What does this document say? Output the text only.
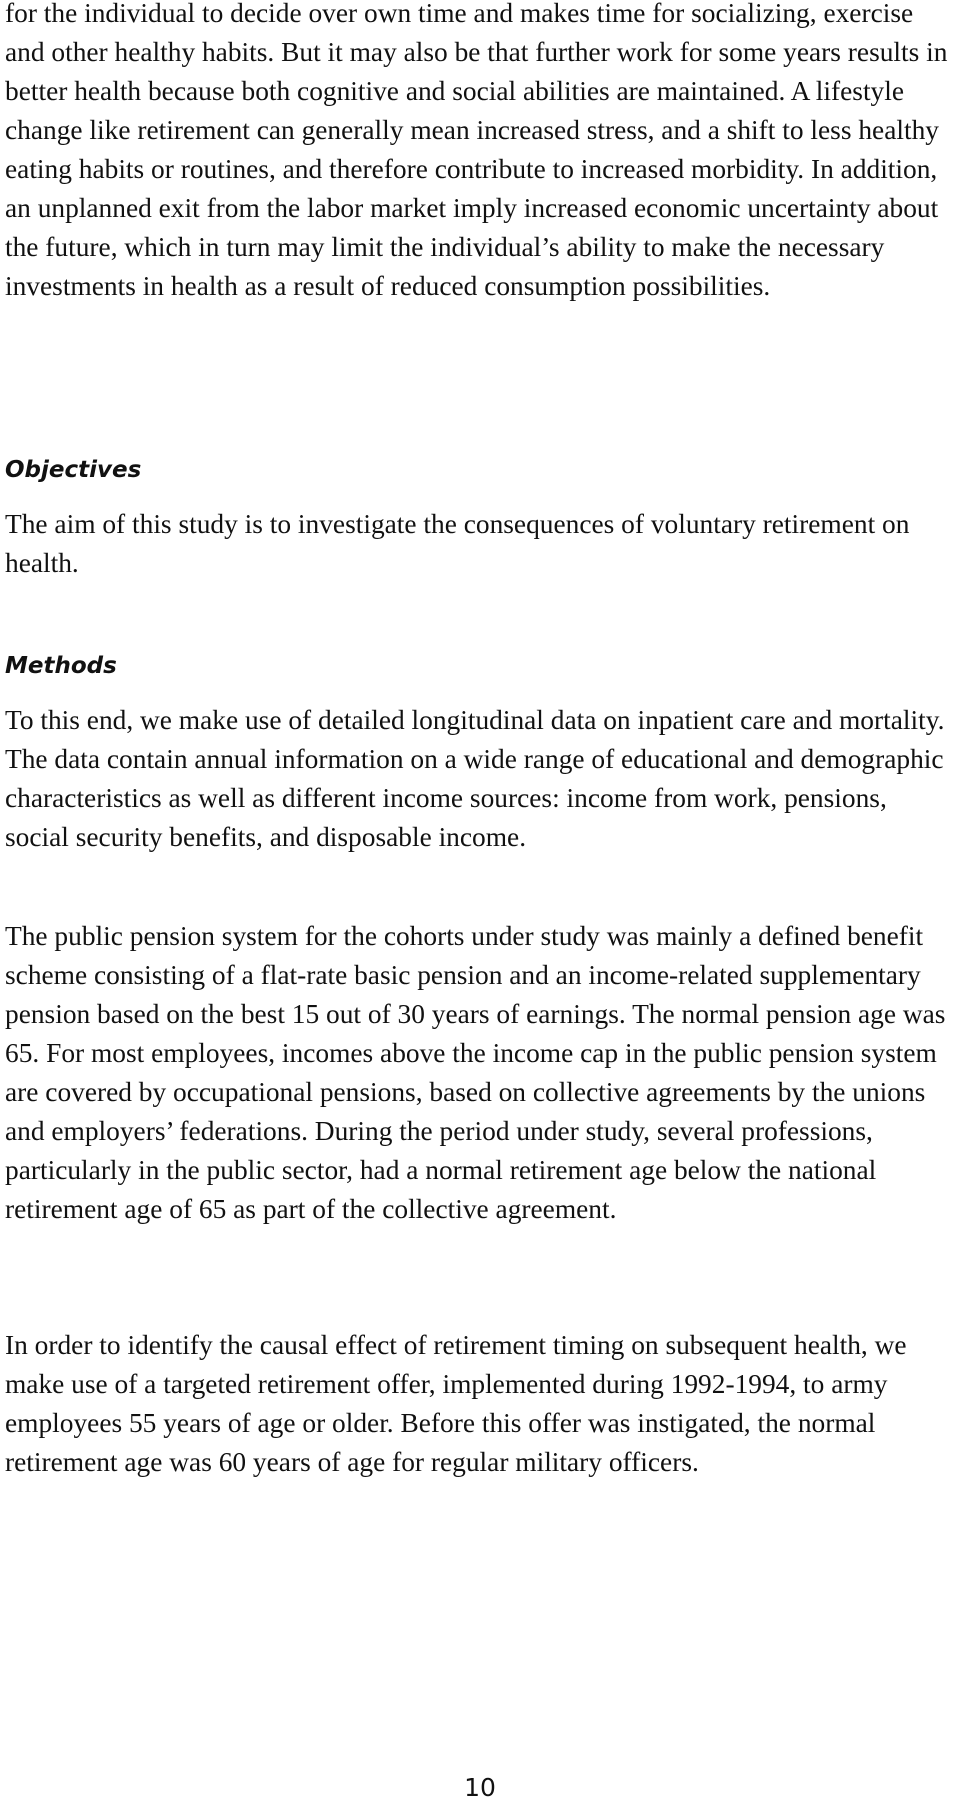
for the individual to decide over own time and makes time for socializing, exercise and other healthy habits. But it may also be that further work for some years results in better health because both cognitive and social abilities are maintained. A lifestyle change like retirement can generally mean increased stress, and a shift to less healthy eating habits or routines, and therefore contribute to increased morbidity. In addition, an unplanned exit from the labor market imply increased economic uncertainty about the future, which in turn may limit the individual’s ability to make the necessary investments in health as a result of reduced consumption possibilities.

Objectives

The aim of this study is to investigate the consequences of voluntary retirement on health.

Methods

To this end, we make use of detailed longitudinal data on inpatient care and mortality. The data contain annual information on a wide range of educational and demographic characteristics as well as different income sources: income from work, pensions, social security benefits, and disposable income.

The public pension system for the cohorts under study was mainly a defined benefit scheme consisting of a flat-rate basic pension and an income-related supplementary pension based on the best 15 out of 30 years of earnings. The normal pension age was 65. For most employees, incomes above the income cap in the public pension system are covered by occupational pensions, based on collective agreements by the unions and employers’ federations. During the period under study, several professions, particularly in the public sector, had a normal retirement age below the national retirement age of 65 as part of the collective agreement.

In order to identify the causal effect of retirement timing on subsequent health, we make use of a targeted retirement offer, implemented during 1992-1994, to army employees 55 years of age or older. Before this offer was instigated, the normal retirement age was 60 years of age for regular military officers.

10
